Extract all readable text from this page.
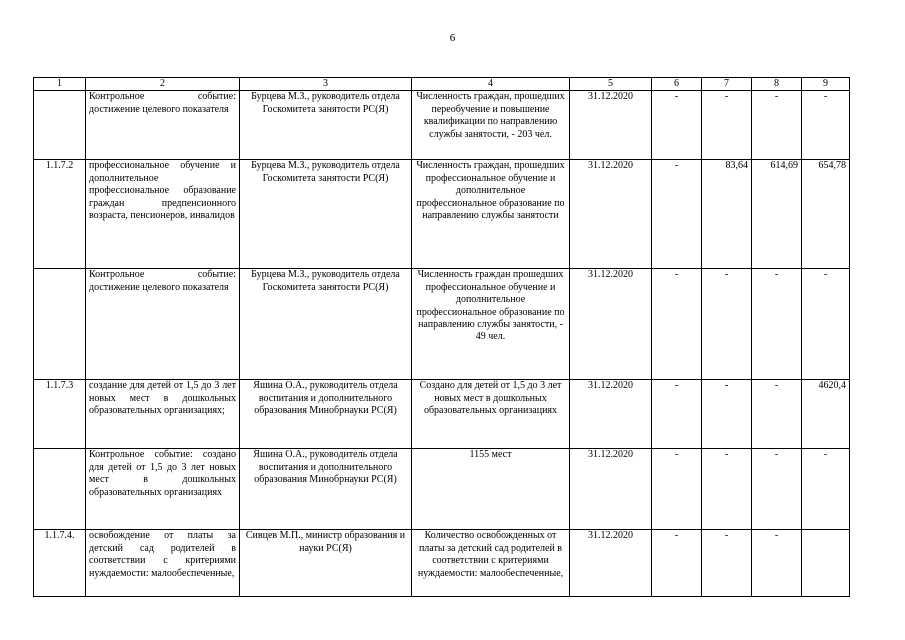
6
1	2	3	4	5	6	7	8	9
	Контрольное событие: достижение целевого показателя	Бурцева М.З., руководитель отдела Госкомитета занятости РС(Я)	Численность граждан, прошедших переобучение и повышение квалификации по направлению службы занятости, - 203 чел.	31.12.2020	-	-	-	-
1.1.7.2	профессиональное обучение и дополнительное профессиональное образование граждан предпенсионного возраста, пенсионеров, инвалидов	Бурцева М.З., руководитель отдела Госкомитета занятости РС(Я)	Численность граждан, прошедших профессиональное обучение и дополнительное профессиональное образование по направлению службы занятости	31.12.2020	-	83,64	614,69	654,78
	Контрольное событие: достижение целевого показателя	Бурцева М.З., руководитель отдела Госкомитета занятости РС(Я)	Численность граждан прошедших профессиональное обучение и дополнительное профессиональное образование по направлению службы занятости, - 49 чел.	31.12.2020	-	-	-	-
1.1.7.3	создание для детей от 1,5 до 3 лет новых мест в дошкольных образовательных организациях;	Яшина О.А., руководитель отдела воспитания и дополнительного образования Минобрнауки РС(Я)	Создано для детей от 1,5 до 3 лет новых мест в дошкольных образовательных организациях	31.12.2020	-	-	-	4620,4
	Контрольное событие: создано для детей от 1,5 до 3 лет новых мест в дошкольных образовательных организациях	Яшина О.А., руководитель отдела воспитания и дополнительного образования Минобрнауки РС(Я)	1155 мест	31.12.2020	-	-	-	-
1.1.7.4.	освобождение от платы за детский сад родителей в соответствии с критериями нуждаемости: малообеспеченные,	Сивцев М.П., министр образования и науки РС(Я)	Количество освобожденных от платы за детский сад родителей в соответствии с критериями нуждаемости: малообеспеченные,	31.12.2020	-	-	-	
